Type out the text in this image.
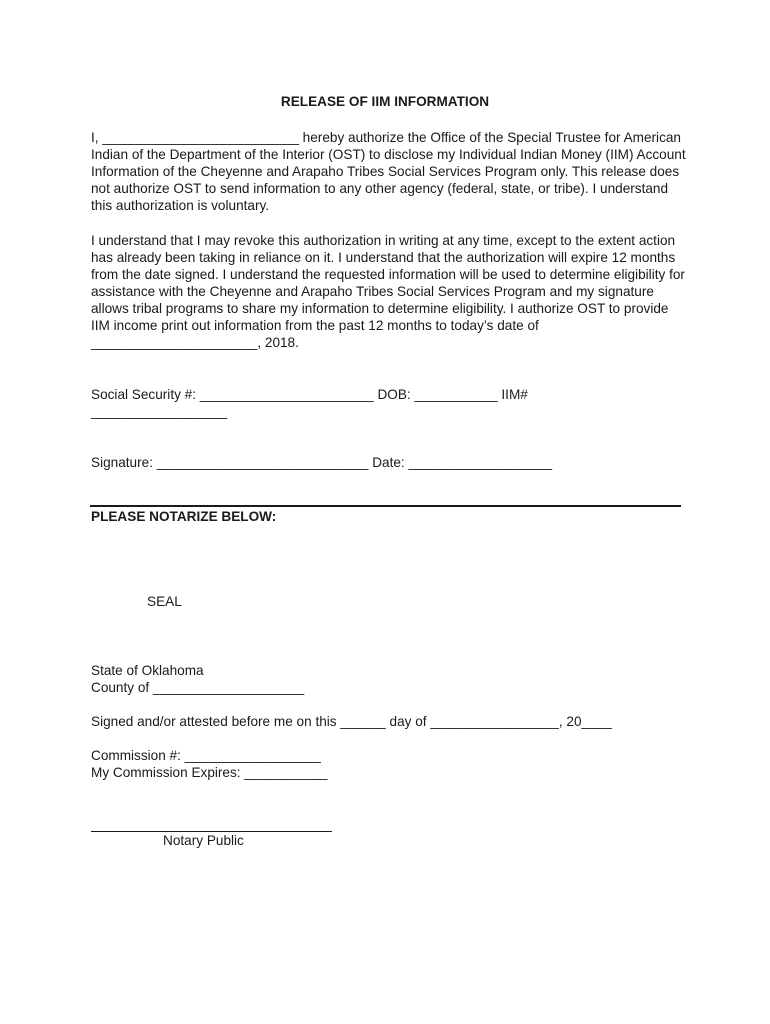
RELEASE OF IIM INFORMATION

I, __________________________ hereby authorize the Office of the Special Trustee for American Indian of the Department of the Interior (OST) to disclose my Individual Indian Money (IIM) Account Information of the Cheyenne and Arapaho Tribes Social Services Program only. This release does not authorize OST to send information to any other agency (federal, state, or tribe). I understand this authorization is voluntary.

I understand that I may revoke this authorization in writing at any time, except to the extent action has already been taking in reliance on it. I understand that the authorization will expire 12 months from the date signed. I understand the requested information will be used to determine eligibility for assistance with the Cheyenne and Arapaho Tribes Social Services Program and my signature allows tribal programs to share my information to determine eligibility. I authorize OST to provide IIM income print out information from the past 12 months to today’s date of ______________________, 2018.

Social Security #: _______________________ DOB: ___________ IIM#
__________________
Signature: ____________________________ Date: ___________________
PLEASE NOTARIZE BELOW:
SEAL
State of Oklahoma
County of ____________________
Signed and/or attested before me on this ______ day of _________________, 20____
Commission #: __________________
My Commission Expires: ___________
Notary Public
